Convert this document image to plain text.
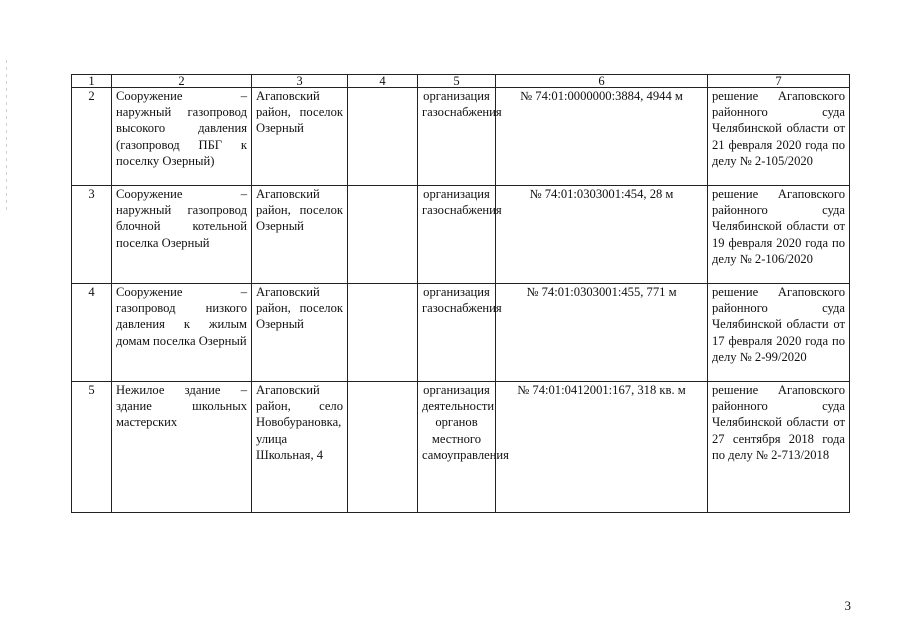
1	2	3	4	5	6	7
2	Сооружение – наружный газопровод высокого давления (газопровод ПБГ к поселку Озерный)	Агаповский район, поселок Озерный		организация газоснабжения	№ 74:01:0000000:3884, 4944 м	решение Агаповского районного суда Челябинской области от 21 февраля 2020 года по делу № 2-105/2020
3	Сооружение – наружный газопровод блочной котельной поселка Озерный	Агаповский район, поселок Озерный		организация газоснабжения	№ 74:01:0303001:454, 28 м	решение Агаповского районного суда Челябинской области от 19 февраля 2020 года по делу № 2-106/2020
4	Сооружение – газопровод низкого давления к жилым домам поселка Озерный	Агаповский район, поселок Озерный		организация газоснабжения	№ 74:01:0303001:455, 771 м	решение Агаповского районного суда Челябинской области от 17 февраля 2020 года по делу № 2-99/2020
5	Нежилое здание – здание школьных мастерских	Агаповский район, село Новобурановка, улица Школьная, 4		организация деятельности органов местного самоуправления	№ 74:01:0412001:167, 318 кв. м	решение Агаповского районного суда Челябинской области от 27 сентября 2018 года по делу № 2-713/2018
3
